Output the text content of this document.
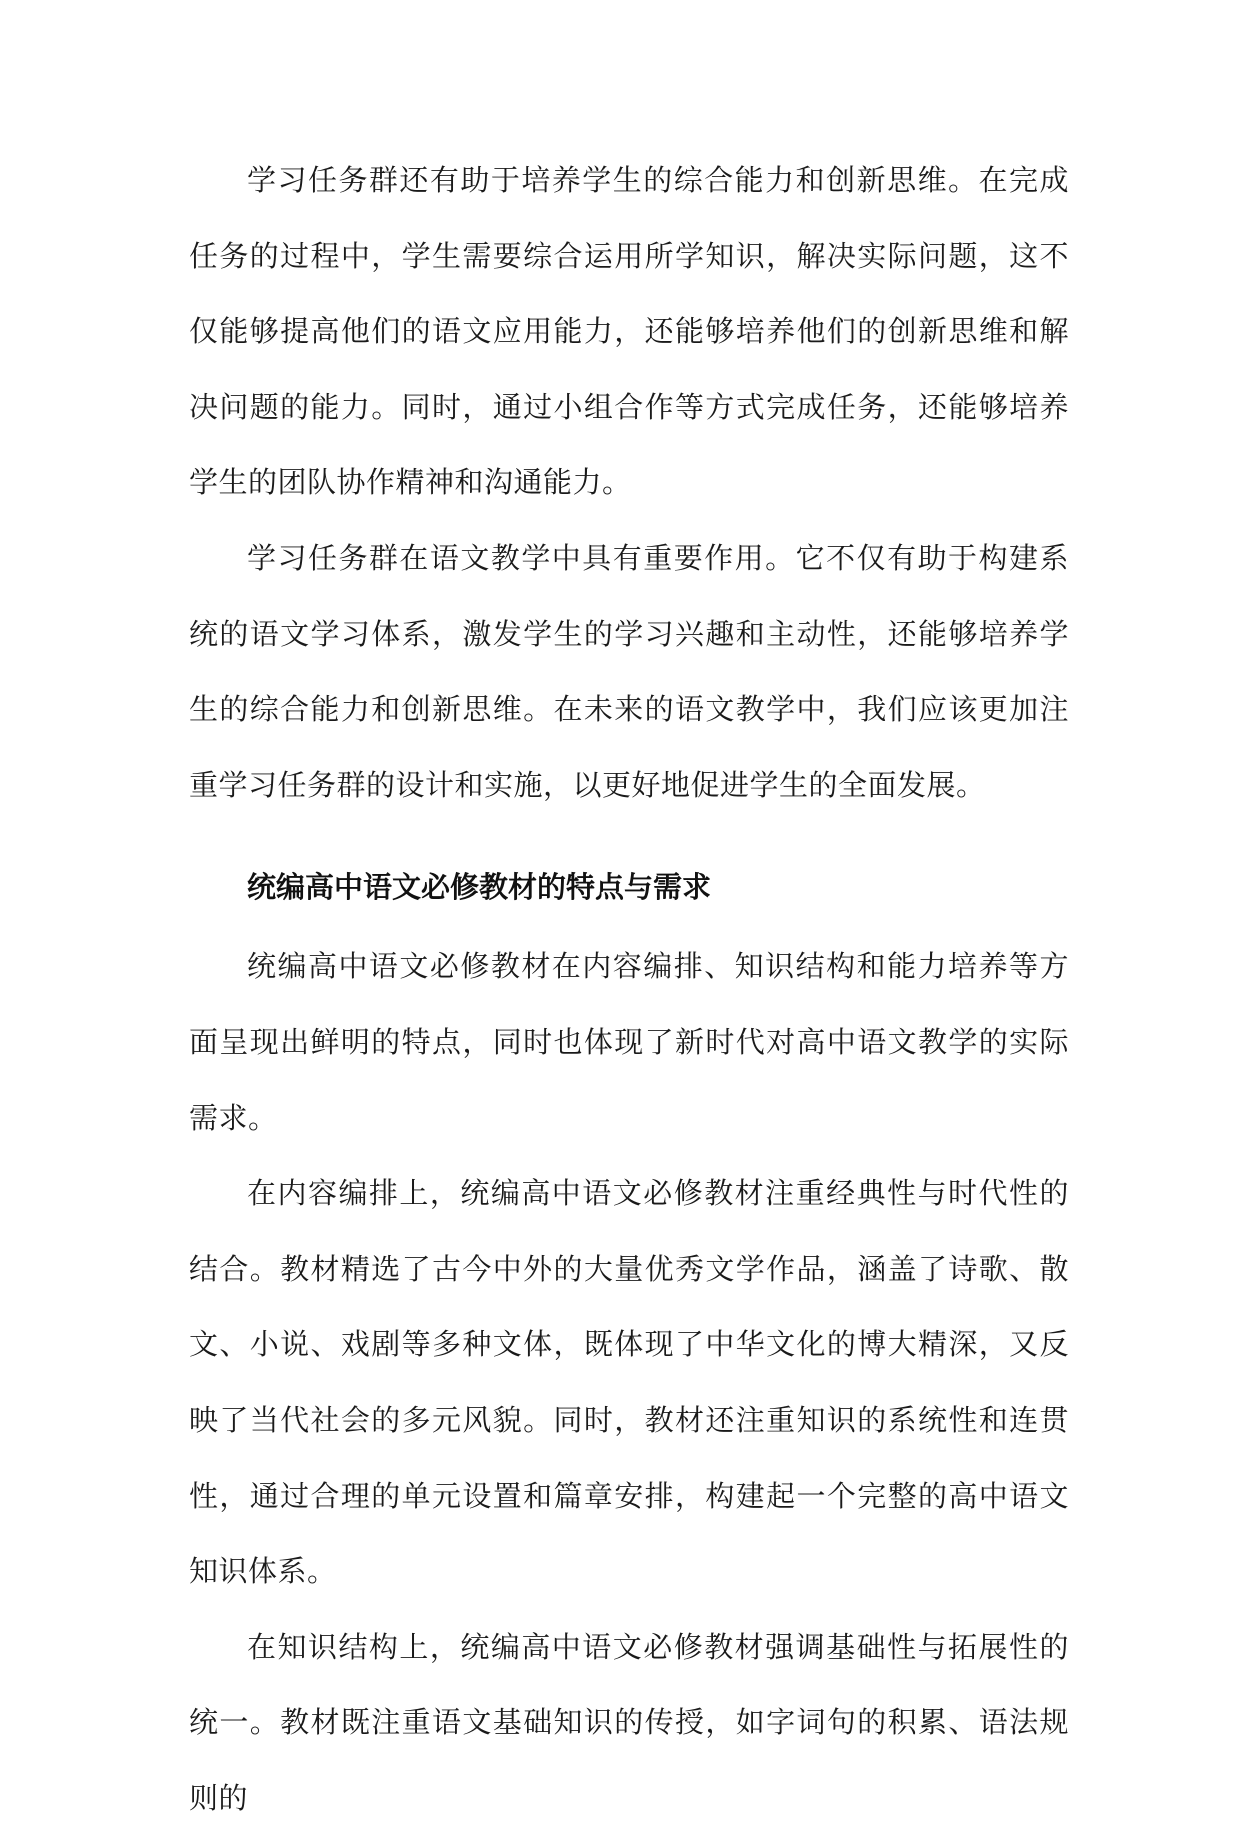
学习任务群还有助于培养学生的综合能力和创新思维。在完成任务的过程中，学生需要综合运用所学知识，解决实际问题，这不仅能够提高他们的语文应用能力，还能够培养他们的创新思维和解决问题的能力。同时，通过小组合作等方式完成任务，还能够培养学生的团队协作精神和沟通能力。

学习任务群在语文教学中具有重要作用。它不仅有助于构建系统的语文学习体系，激发学生的学习兴趣和主动性，还能够培养学生的综合能力和创新思维。在未来的语文教学中，我们应该更加注重学习任务群的设计和实施，以更好地促进学生的全面发展。

统编高中语文必修教材的特点与需求

统编高中语文必修教材在内容编排、知识结构和能力培养等方面呈现出鲜明的特点，同时也体现了新时代对高中语文教学的实际需求。

在内容编排上，统编高中语文必修教材注重经典性与时代性的结合。教材精选了古今中外的大量优秀文学作品，涵盖了诗歌、散文、小说、戏剧等多种文体，既体现了中华文化的博大精深，又反映了当代社会的多元风貌。同时，教材还注重知识的系统性和连贯性，通过合理的单元设置和篇章安排，构建起一个完整的高中语文知识体系。

在知识结构上，统编高中语文必修教材强调基础性与拓展性的统一。教材既注重语文基础知识的传授，如字词句的积累、语法规则的
